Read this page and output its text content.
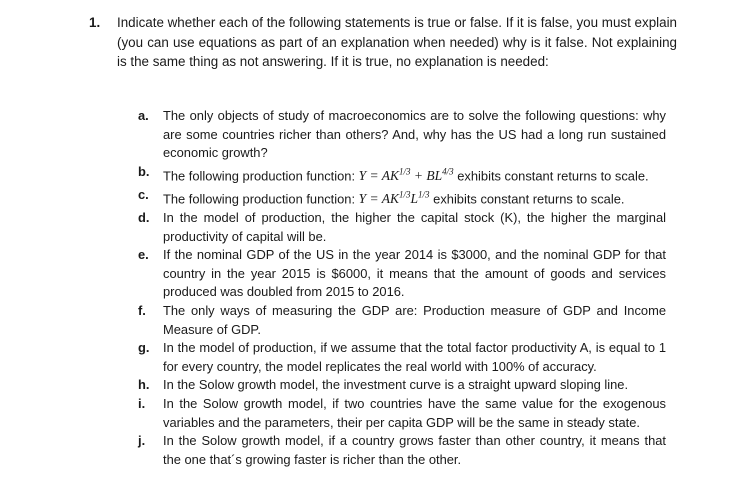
1. Indicate whether each of the following statements is true or false. If it is false, you must explain (you can use equations as part of an explanation when needed) why is it false. Not explaining is the same thing as not answering. If it is true, no explanation is needed:
a. The only objects of study of macroeconomics are to solve the following questions: why are some countries richer than others? And, why has the US had a long run sustained economic growth?
b. The following production function: $Y = AK^{1/3} + BL^{4/3}$ exhibits constant returns to scale.
c. The following production function: $Y = AK^{1/3}L^{1/3}$ exhibits constant returns to scale.
d. In the model of production, the higher the capital stock (K), the higher the marginal productivity of capital will be.
e. If the nominal GDP of the US in the year 2014 is $3000, and the nominal GDP for that country in the year 2015 is $6000, it means that the amount of goods and services produced was doubled from 2015 to 2016.
f. The only ways of measuring the GDP are: Production measure of GDP and Income Measure of GDP.
g. In the model of production, if we assume that the total factor productivity A, is equal to 1 for every country, the model replicates the real world with 100% of accuracy.
h. In the Solow growth model, the investment curve is a straight upward sloping line.
i. In the Solow growth model, if two countries have the same value for the exogenous variables and the parameters, their per capita GDP will be the same in steady state.
j. In the Solow growth model, if a country grows faster than other country, it means that the one that´s growing faster is richer than the other.
